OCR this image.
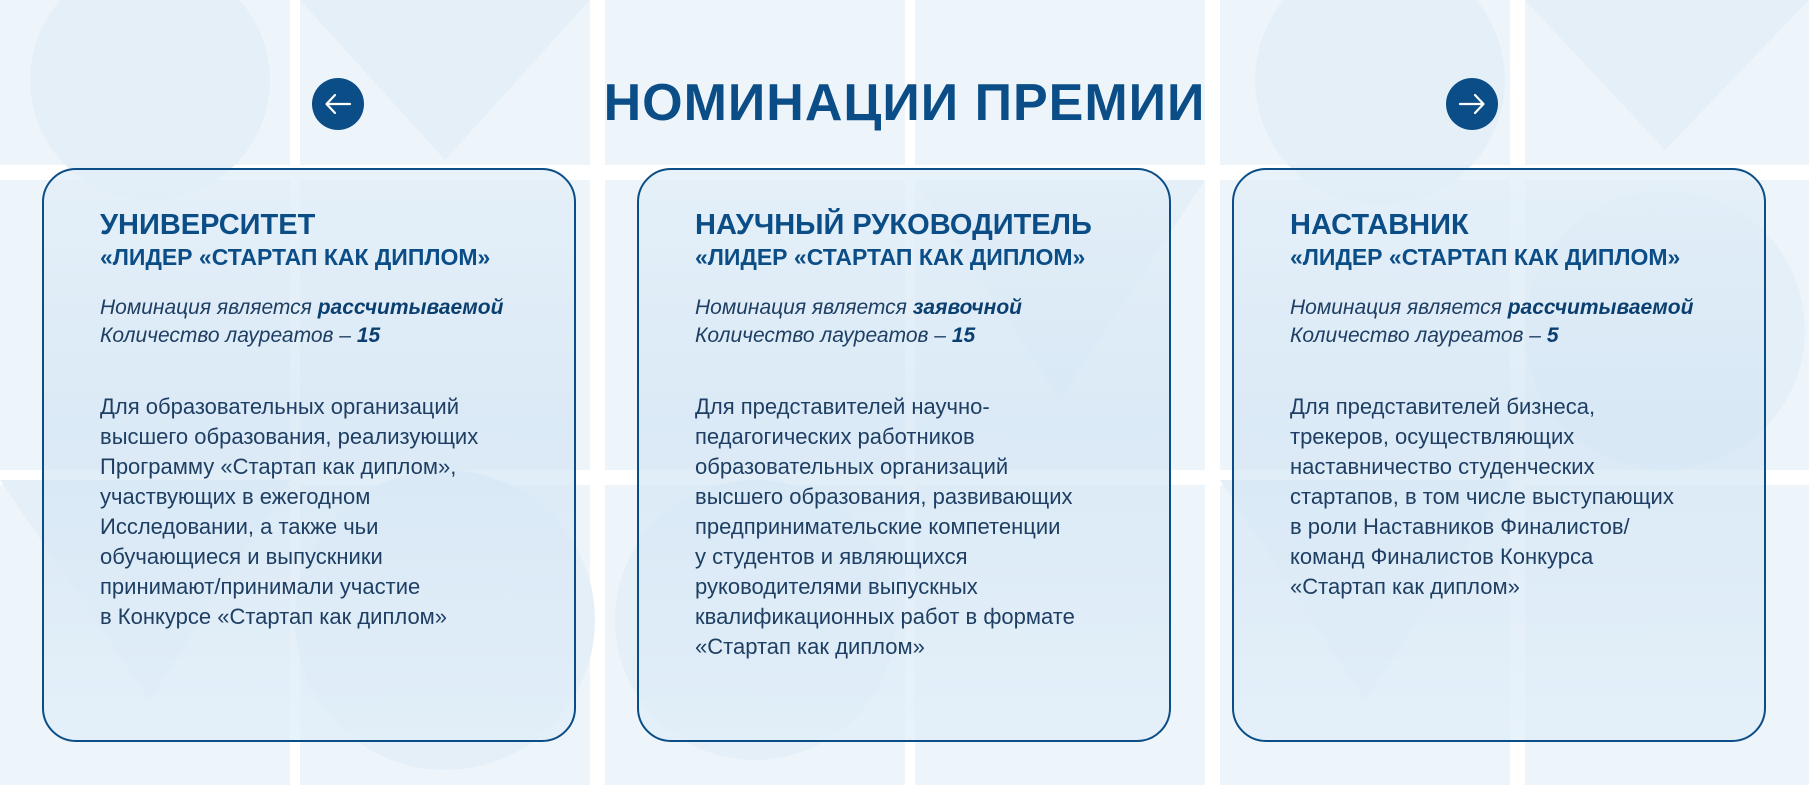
НОМИНАЦИИ ПРЕМИИ
УНИВЕРСИТЕТ
«ЛИДЕР «СТАРТАП КАК ДИПЛОМ»
Номинация является рассчитываемой
Количество лауреатов – 15
Для образовательных организаций
высшего образования, реализующих
Программу «Стартап как диплом»,
участвующих в ежегодном
Исследовании, а также чьи
обучающиеся и выпускники
принимают/принимали участие
в Конкурсе «Стартап как диплом»
НАУЧНЫЙ РУКОВОДИТЕЛЬ
«ЛИДЕР «СТАРТАП КАК ДИПЛОМ»
Номинация является заявочной
Количество лауреатов – 15
Для представителей научно-
педагогических работников
образовательных организаций
высшего образования, развивающих
предпринимательские компетенции
у студентов и являющихся
руководителями выпускных
квалификационных работ в формате
«Стартап как диплом»
НАСТАВНИК
«ЛИДЕР «СТАРТАП КАК ДИПЛОМ»
Номинация является рассчитываемой
Количество лауреатов – 5
Для представителей бизнеса,
трекеров, осуществляющих
наставничество студенческих
стартапов, в том числе выступающих
в роли Наставников Финалистов/
команд Финалистов Конкурса
«Стартап как диплом»
